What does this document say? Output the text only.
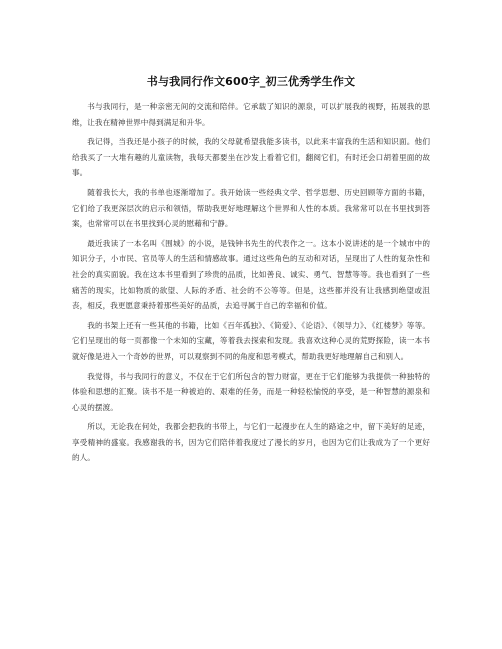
书与我同行作文600字_初三优秀学生作文

书与我同行，是一种亲密无间的交流和陪伴。它承载了知识的源泉，可以扩展我的视野，拓展我的思维，让我在精神世界中得到满足和升华。

我记得，当我还是小孩子的时候，我的父母就希望我能多读书，以此来丰富我的生活和知识面。他们给我买了一大堆有趣的儿童读物，我每天都要坐在沙发上看着它们，翻阅它们，有时还会口胡着里面的故事。

随着我长大，我的书单也逐渐增加了。我开始读一些经典文学、哲学思想、历史回顾等方面的书籍，它们给了我更深层次的启示和领悟，帮助我更好地理解这个世界和人性的本质。我常常可以在书里找到答案，也常常可以在书里找到心灵的慰藉和宁静。

最近我读了一本名叫《围城》的小说，是钱钟书先生的代表作之一。这本小说讲述的是一个城市中的知识分子，小市民、官员等人的生活和情感故事。通过这些角色的互动和对话，呈现出了人性的复杂性和社会的真实面貌。我在这本书里看到了珍贵的品质，比如善良、诚实、勇气、智慧等等。我也看到了一些痛苦的现实，比如物质的欲望、人际的矛盾、社会的不公等等。但是，这些都并没有让我感到绝望或沮丧，相反，我更愿意秉持着那些美好的品质，去追寻属于自己的幸福和价值。

我的书架上还有一些其他的书籍，比如《百年孤独》、《简爱》、《论语》、《领导力》、《红楼梦》等等。它们呈现出的每一页都像一个未知的宝藏，等着我去探索和发现。我喜欢这种心灵的荒野探险，读一本书就好像是进入一个奇妙的世界，可以观察到不同的角度和思考模式，帮助我更好地理解自己和别人。

我觉得，书与我同行的意义，不仅在于它们所包含的智力财富，更在于它们能够为我提供一种独特的体验和思想的汇聚。读书不是一种被迫的、艰难的任务，而是一种轻松愉悦的享受，是一种智慧的源泉和心灵的摆渡。

所以，无论我在何处，我都会把我的书带上，与它们一起漫步在人生的路途之中，留下美好的足迹，享受精神的盛宴。我感谢我的书，因为它们陪伴着我度过了漫长的岁月，也因为它们让我成为了一个更好的人。
